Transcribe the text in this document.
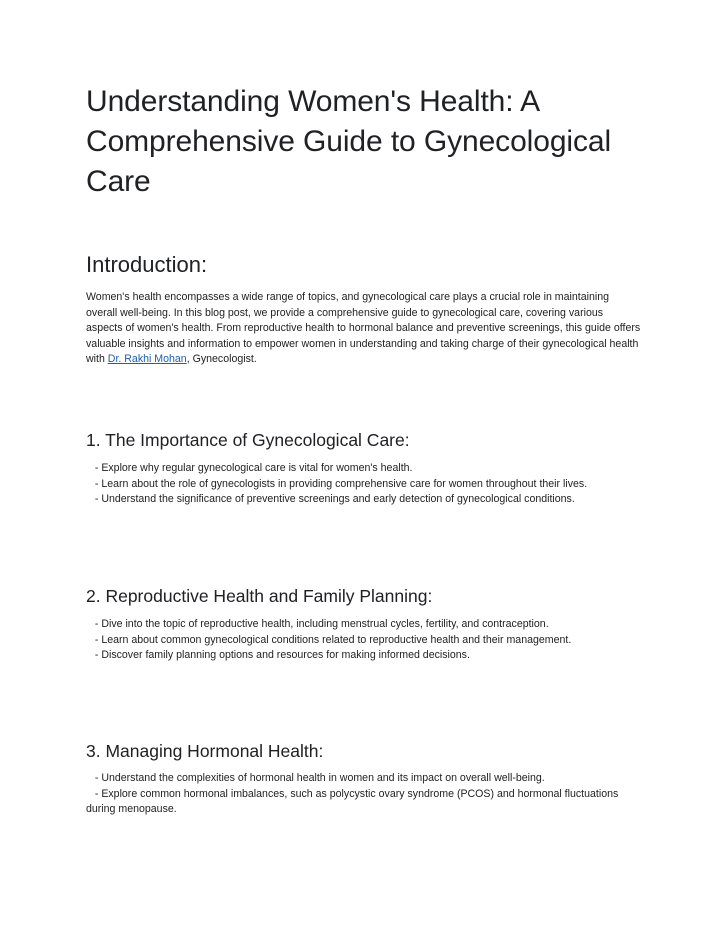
Understanding Women's Health: A Comprehensive Guide to Gynecological Care
Introduction:

Women's health encompasses a wide range of topics, and gynecological care plays a crucial role in maintaining overall well-being. In this blog post, we provide a comprehensive guide to gynecological care, covering various aspects of women's health. From reproductive health to hormonal balance and preventive screenings, this guide offers valuable insights and information to empower women in understanding and taking charge of their gynecological health with Dr. Rakhi Mohan, Gynecologist.

1. The Importance of Gynecological Care:
- Explore why regular gynecological care is vital for women's health.
- Learn about the role of gynecologists in providing comprehensive care for women throughout their lives.
- Understand the significance of preventive screenings and early detection of gynecological conditions.
2. Reproductive Health and Family Planning:
- Dive into the topic of reproductive health, including menstrual cycles, fertility, and contraception.
- Learn about common gynecological conditions related to reproductive health and their management.
- Discover family planning options and resources for making informed decisions.
3. Managing Hormonal Health:
- Understand the complexities of hormonal health in women and its impact on overall well-being.
- Explore common hormonal imbalances, such as polycystic ovary syndrome (PCOS) and hormonal fluctuations during menopause.
